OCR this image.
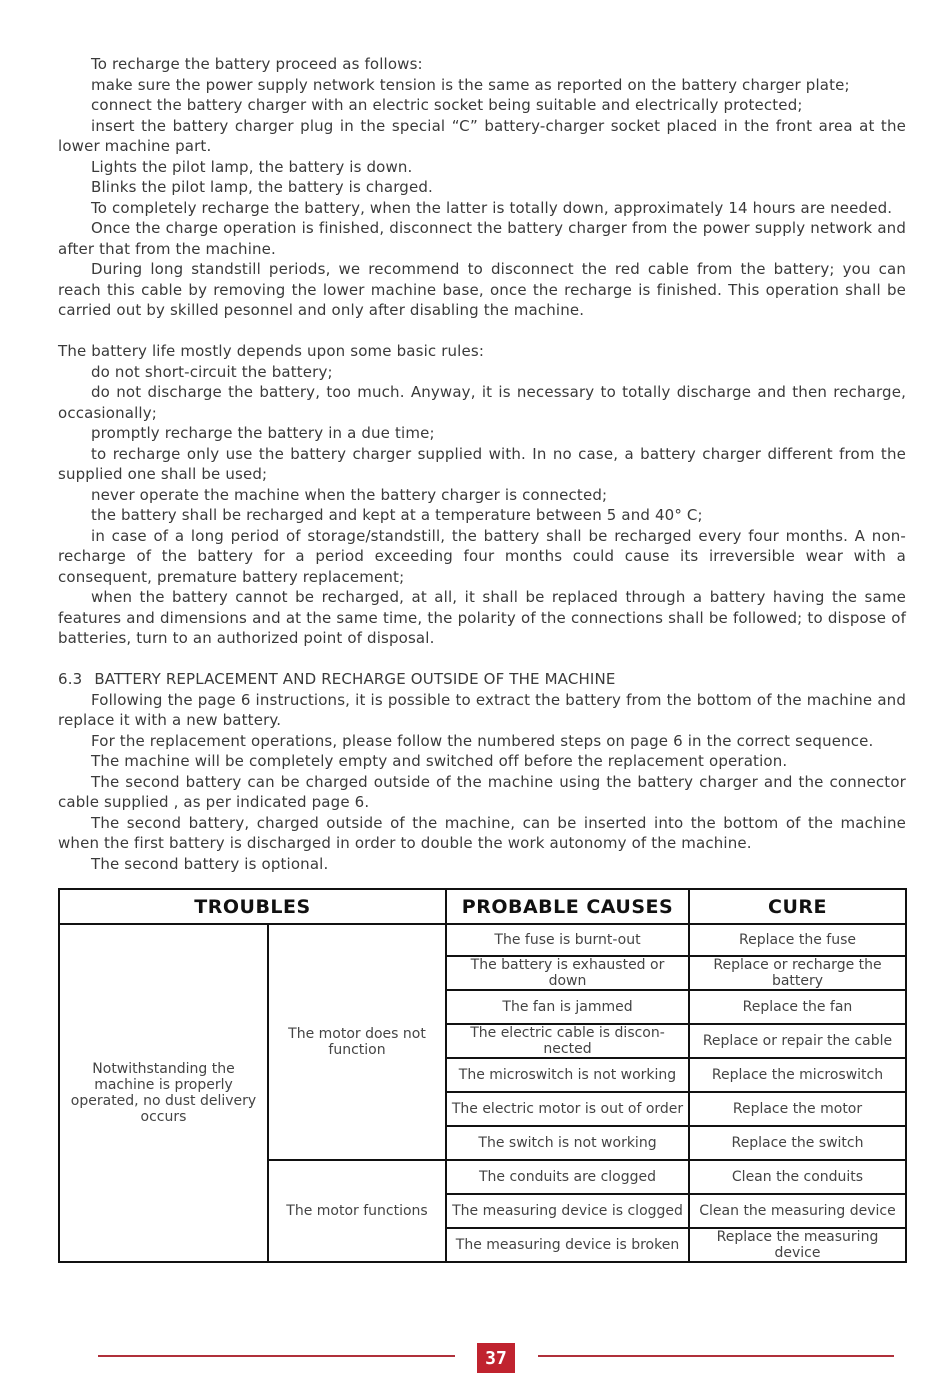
To recharge the battery proceed as follows:

make sure the power supply network tension is the same as reported on the battery charger plate;

connect the battery charger with an electric socket being suitable and electrically protected;

insert the battery charger plug in the special “C” battery-charger socket placed in the front area at the lower machine part.

Lights the pilot lamp, the battery is down.

Blinks the pilot lamp, the battery is charged.

To completely recharge the battery, when the latter is totally down, approximately 14 hours are needed.

Once the charge operation is finished, disconnect the battery charger from the power supply network and after that from the machine.

During long standstill periods, we recommend to disconnect the red cable from the battery; you can reach this cable by removing the lower machine base, once the recharge is finished. This operation shall be carried out by skilled pesonnel and only after disabling the machine.

The battery life mostly depends upon some basic rules:

do not short-circuit the battery;

do not discharge the battery, too much. Anyway, it is necessary to totally discharge and then recharge, occasionally;

promptly recharge the battery in a due time;

to recharge only use the battery charger supplied with. In no case, a battery charger different from the supplied one shall be used;

never operate the machine when the battery charger is connected;

the battery shall be recharged and kept at a temperature between 5 and 40° C;

in case of a long period of storage/standstill, the battery shall be recharged every four months. A non-recharge of the battery for a period exceeding four months could cause its irreversible wear with a consequent, premature battery replacement;

when the battery cannot be recharged, at all, it shall be replaced through a battery having the same features and dimensions and at the same time, the polarity of the connections shall be followed; to dispose of batteries, turn to an authorized point of disposal.

6.3 BATTERY REPLACEMENT AND RECHARGE OUTSIDE OF THE MACHINE

Following the page 6 instructions, it is possible to extract the battery from the bottom of the machine and replace it with a new battery.

For the replacement operations, please follow the numbered steps on page 6 in the correct sequence.

The machine will be completely empty and switched off before the replacement operation.

The second battery can be charged outside of the machine using the battery charger and the connector cable supplied , as per indicated page 6.

The second battery, charged outside of the machine, can be inserted into the bottom of the machine when the first battery is discharged in order to double the work autonomy of the machine.

The second battery is optional.

TROUBLES		PROBABLE CAUSES	CURE
Notwithstanding the machine is properly operated, no dust delivery occurs	The motor does not function	The fuse is burnt-out	Replace the fuse
		The battery is exhausted or down	Replace or recharge the battery
		The fan is jammed	Replace the fan
		The electric cable is discon-nected	Replace or repair the cable
		The microswitch is not working	Replace the microswitch
		The electric motor is out of order	Replace the motor
		The switch is not working	Replace the switch
	The motor functions	The conduits are clogged	Clean the conduits
		The measuring device is clogged	Clean the measuring device
		The measuring device is broken	Replace the measuring device
37
